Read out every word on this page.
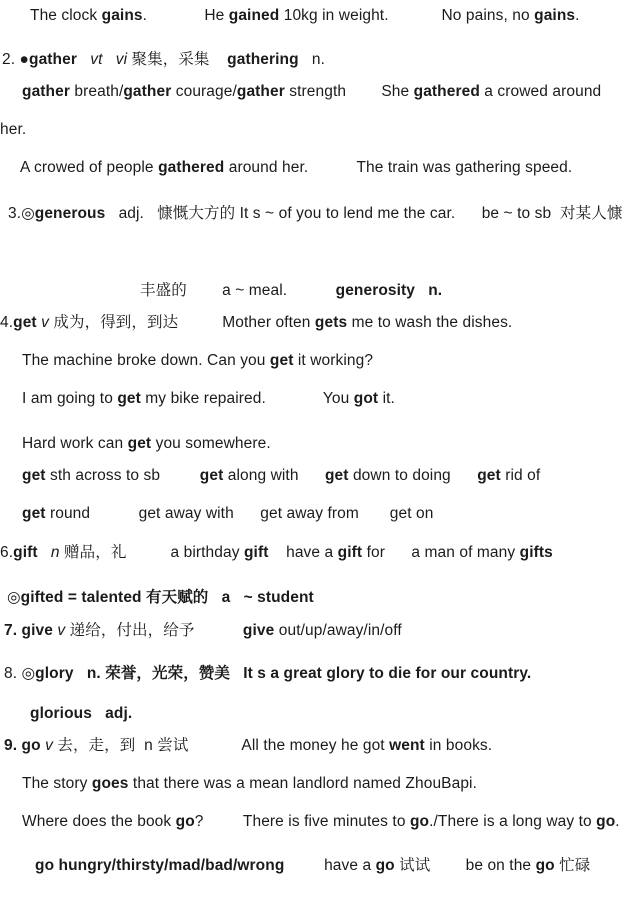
The clock gains.             He gained 10kg in weight.            No pains, no gains.
2. ●gather vt vi 聚集，采集    gathering   n.
gather breath/gather courage/gather strength        She gathered a crowed around
her.
A crowed of people gathered around her.           The train was gathering speed.
3.◎generous   adj.   慷慨大方的 It s ~ of you to lend me the car.      be ~ to sb  对某人慷
丰盛的        a ~ meal.           generosity   n.
4.get v 成为，得到，到达          Mother often gets me to wash the dishes.
The machine broke down. Can you get it working?
I am going to get my bike repaired.             You got it.
Hard work can get you somewhere.
get sth across to sb         get along with      get down to doing      get rid of
get round           get away with      get away from       get on
6.gift n 赠品，礼          a birthday gift have a gift for      a man of many gifts
◎gifted = talented 有天赋的   a   ~ student
7. give v 递给，付出，给予           give out/up/away/in/off
8. ◎glory n. 荣誉，光荣，赞美   It s a great glory to die for our country.
glorious   adj.
9. go v 去，走，到  n 尝试            All the money he got went in books.
The story goes that there was a mean landlord named ZhouBapi.
Where does the book go?         There is five minutes to go./There is a long way to go.
go hungry/thirsty/mad/bad/wrong	have a go 试试        be on the go 忙碌
